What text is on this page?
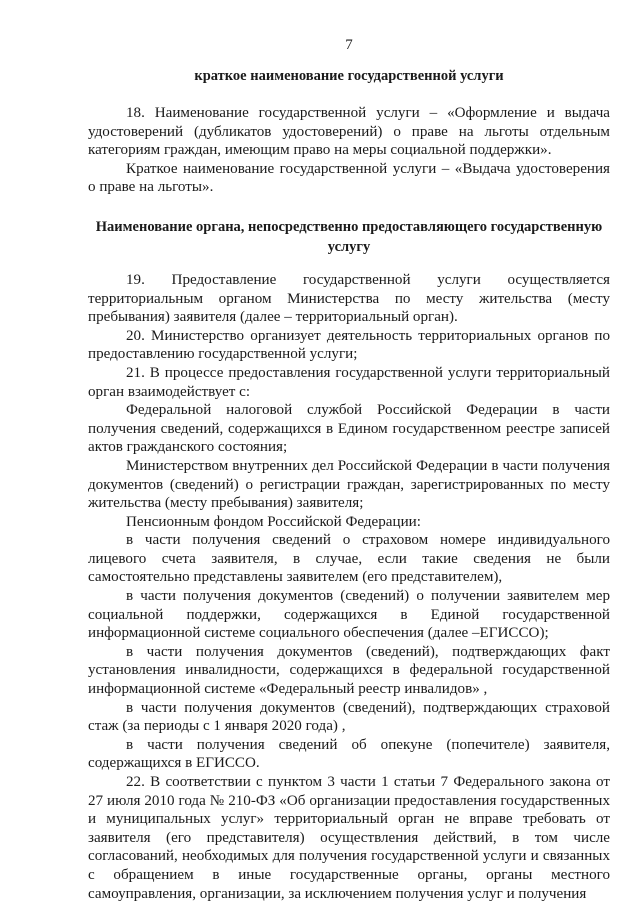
7
краткое наименование государственной услуги

18. Наименование государственной услуги – «Оформление и выдача удостоверений (дубликатов удостоверений) о праве на льготы отдельным категориям граждан, имеющим право на меры социальной поддержки».

Краткое наименование государственной услуги – «Выдача удостоверения о праве на льготы».

Наименование органа, непосредственно предоставляющего государственную услугу

19. Предоставление государственной услуги осуществляется территориальным органом Министерства по месту жительства (месту пребывания) заявителя (далее – территориальный орган).

20. Министерство организует деятельность территориальных органов по предоставлению государственной услуги;

21. В процессе предоставления государственной услуги территориальный орган взаимодействует с:

Федеральной налоговой службой Российской Федерации в части получения сведений, содержащихся в Едином государственном реестре записей актов гражданского состояния;

Министерством внутренних дел Российской Федерации в части получения документов (сведений) о регистрации граждан, зарегистрированных по месту жительства (месту пребывания) заявителя;

Пенсионным фондом Российской Федерации:

в части получения сведений о страховом номере индивидуального лицевого счета заявителя, в случае, если такие сведения не были самостоятельно представлены заявителем (его представителем),

в части получения документов (сведений) о получении заявителем мер социальной поддержки, содержащихся в Единой государственной информационной системе социального обеспечения (далее –ЕГИССО);

в части получения документов (сведений), подтверждающих факт установления инвалидности, содержащихся в федеральной государственной информационной системе «Федеральный реестр инвалидов» ,

в части получения документов (сведений), подтверждающих страховой стаж (за периоды с 1 января 2020 года) ,

в части получения сведений об опекуне (попечителе) заявителя, содержащихся в ЕГИССО.

22. В соответствии с пунктом 3 части 1 статьи 7 Федерального закона от 27 июля 2010 года № 210-ФЗ «Об организации предоставления государственных и муниципальных услуг» территориальный орган не вправе требовать от заявителя (его представителя) осуществления действий, в том числе согласований, необходимых для получения государственной услуги и связанных с обращением в иные государственные органы, органы местного самоуправления, организации, за исключением получения услуг и получения
